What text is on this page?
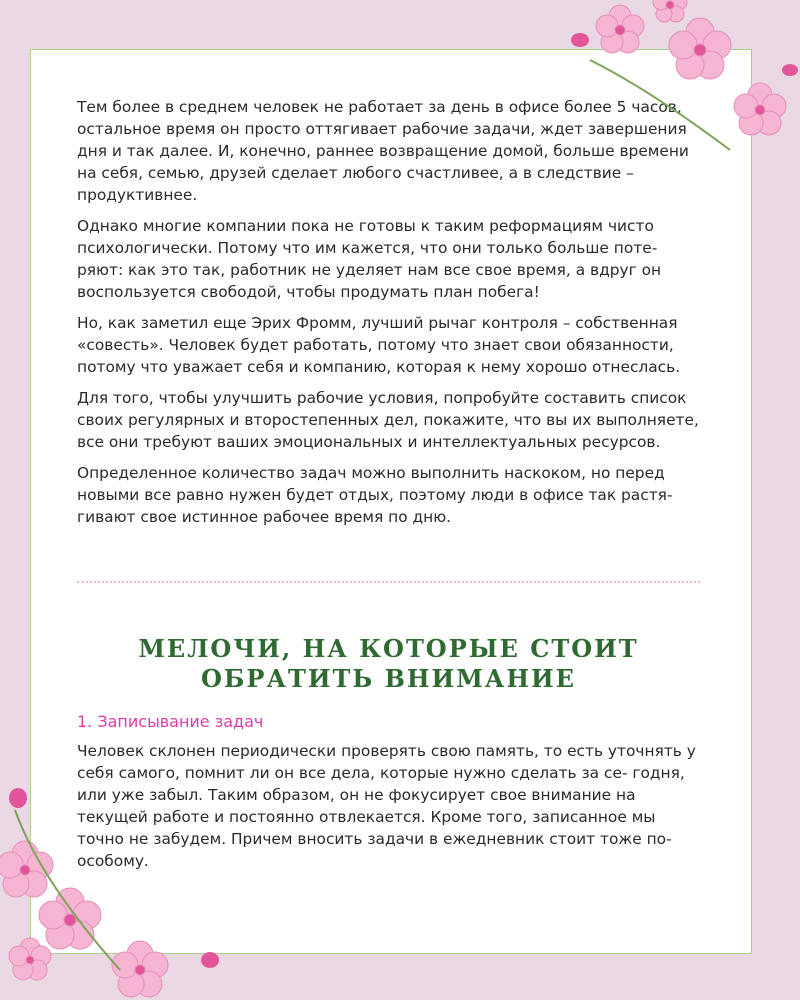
Тем более в среднем человек не работает за день в офисе более 5 часов, остальное время он просто оттягивает рабочие задачи, ждет завершения дня и так далее. И, конечно, раннее возвращение домой, больше времени на себя, семью, друзей сделает любого счастливее, а в следствие – продуктивнее.

Однако многие компании пока не готовы к таким реформациям чисто психологически. Потому что им кажется, что они только больше поте- ряют: как это так, работник не уделяет нам все свое время, а вдруг он воспользуется свободой, чтобы продумать план побега!

Но, как заметил еще Эрих Фромм, лучший рычаг контроля – собственная «совесть». Человек будет работать, потому что знает свои обязанности, потому что уважает себя и компанию, которая к нему хорошо отнеслась.

Для того, чтобы улучшить рабочие условия, попробуйте составить список своих регулярных и второстепенных дел, покажите, что вы их выполняете, все они требуют ваших эмоциональных и интеллектуальных ресурсов.

Определенное количество задач можно выполнить наскоком, но перед новыми все равно нужен будет отдых, поэтому люди в офисе так растя- гивают свое истинное рабочее время по дню.

МЕЛОЧИ, НА КОТОРЫЕ СТОИТ
ОБРАТИТЬ ВНИМАНИЕ
1. Записывание задач

Человек склонен периодически проверять свою память, то есть уточнять у себя самого, помнит ли он все дела, которые нужно сделать за се- годня, или уже забыл. Таким образом, он не фокусирует свое внимание на текущей работе и постоянно отвлекается. Кроме того, записанное мы точно не забудем. Причем вносить задачи в ежедневник стоит тоже по-особому.
